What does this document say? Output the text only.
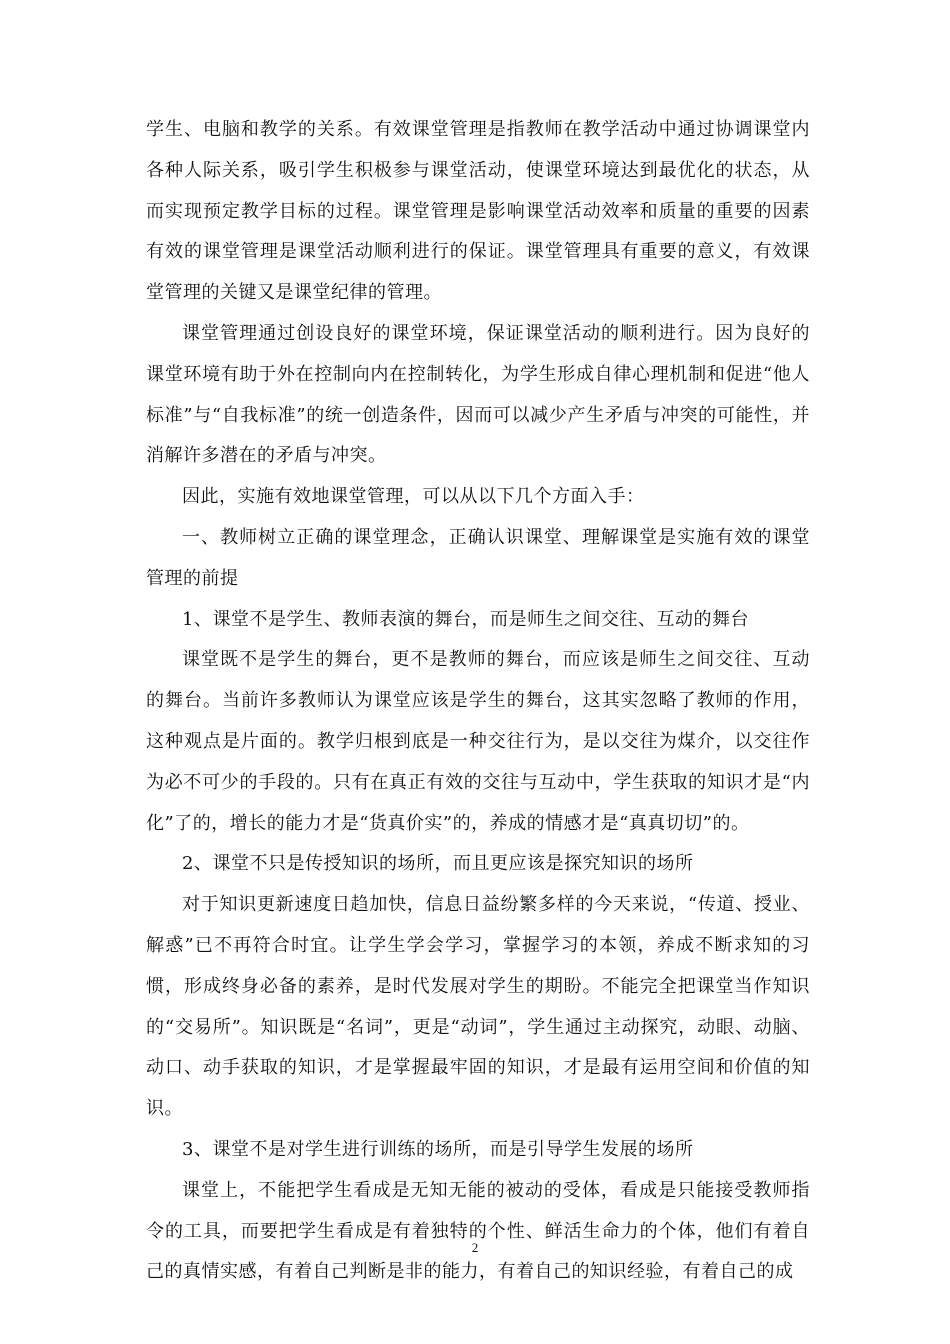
学生、电脑和教学的关系。有效课堂管理是指教师在教学活动中通过协调课堂内各种人际关系，吸引学生积极参与课堂活动，使课堂环境达到最优化的状态，从而实现预定教学目标的过程。课堂管理是影响课堂活动效率和质量的重要的因素有效的课堂管理是课堂活动顺利进行的保证。课堂管理具有重要的意义，有效课堂管理的关键又是课堂纪律的管理。

课堂管理通过创设良好的课堂环境，保证课堂活动的顺利进行。因为良好的课堂环境有助于外在控制向内在控制转化，为学生形成自律心理机制和促进“他人标准”与“自我标准”的统一创造条件，因而可以减少产生矛盾与冲突的可能性，并消解许多潜在的矛盾与冲突。

因此，实施有效地课堂管理，可以从以下几个方面入手：

一、教师树立正确的课堂理念，正确认识课堂、理解课堂是实施有效的课堂管理的前提

1、课堂不是学生、教师表演的舞台，而是师生之间交往、互动的舞台

课堂既不是学生的舞台，更不是教师的舞台，而应该是师生之间交往、互动的舞台。当前许多教师认为课堂应该是学生的舞台，这其实忽略了教师的作用，这种观点是片面的。教学归根到底是一种交往行为，是以交往为煤介，以交往作为必不可少的手段的。只有在真正有效的交往与互动中，学生获取的知识才是“内化”了的，增长的能力才是“货真价实”的，养成的情感才是“真真切切”的。

2、课堂不只是传授知识的场所，而且更应该是探究知识的场所

对于知识更新速度日趋加快，信息日益纷繁多样的今天来说，“传道、授业、解惑”已不再符合时宜。让学生学会学习，掌握学习的本领，养成不断求知的习惯，形成终身必备的素养，是时代发展对学生的期盼。不能完全把课堂当作知识的“交易所”。知识既是“名词”，更是“动词”，学生通过主动探究，动眼、动脑、动口、动手获取的知识，才是掌握最牢固的知识，才是最有运用空间和价值的知识。

3、课堂不是对学生进行训练的场所，而是引导学生发展的场所

课堂上，不能把学生看成是无知无能的被动的受体，看成是只能接受教师指令的工具，而要把学生看成是有着独特的个性、鲜活生命力的个体，他们有着自己的真情实感，有着自己判断是非的能力，有着自己的知识经验，有着自己的成

2
